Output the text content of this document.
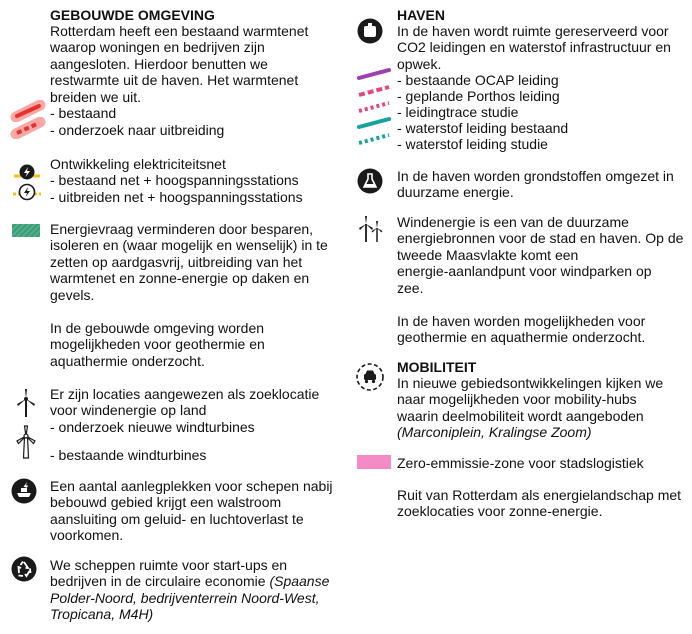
GEBOUWDE OMGEVING
Rotterdam heeft een bestaand warmtenet
waarop woningen en bedrijven zijn
aangesloten. Hierdoor benutten we
restwarmte uit de haven. Het warmtenet
breiden we uit.
- bestaand
- onderzoek naar uitbreiding
Ontwikkeling elektriciteitsnet
- bestaand net + hoogspanningsstations
- uitbreiden net + hoogspanningsstations
Energievraag verminderen door besparen,
isoleren en (waar mogelijk en wenselijk) in te
zetten op aardgasvrij, uitbreiding van het
warmtenet en zonne-energie op daken en
gevels.
In de gebouwde omgeving worden
mogelijkheden voor geothermie en
aquathermie onderzocht.
Er zijn locaties aangewezen als zoeklocatie
voor windenergie op land
- onderzoek nieuwe windturbines
- bestaande windturbines
Een aantal aanlegplekken voor schepen nabij
bebouwd gebied krijgt een walstroom
aansluiting om geluid- en luchtoverlast te
voorkomen.
We scheppen ruimte voor start-ups en
bedrijven in de circulaire economie (Spaanse
Polder-Noord, bedrijventerrein Noord-West,
Tropicana, M4H)
HAVEN
In de haven wordt ruimte gereserveerd voor
CO2 leidingen en waterstof infrastructuur en
opwek.
- bestaande OCAP leiding
- geplande Porthos leiding
- leidingtrace studie
- waterstof leiding bestaand
- waterstof leiding studie
In de haven worden grondstoffen omgezet in
duurzame energie.
Windenergie is een van de duurzame
energiebronnen voor de stad en haven. Op de
tweede Maasvlakte komt een
energie-aanlandpunt voor windparken op
zee.
In de haven worden mogelijkheden voor
geothermie en aquathermie onderzocht.
MOBILITEIT
In nieuwe gebiedsontwikkelingen kijken we
naar mogelijkheden voor mobility-hubs
waarin deelmobiliteit wordt aangeboden
(Marconiplein, Kralingse Zoom)
Zero-emmissie-zone voor stadslogistiek
Ruit van Rotterdam als energielandschap met
zoeklocaties voor zonne-energie.
